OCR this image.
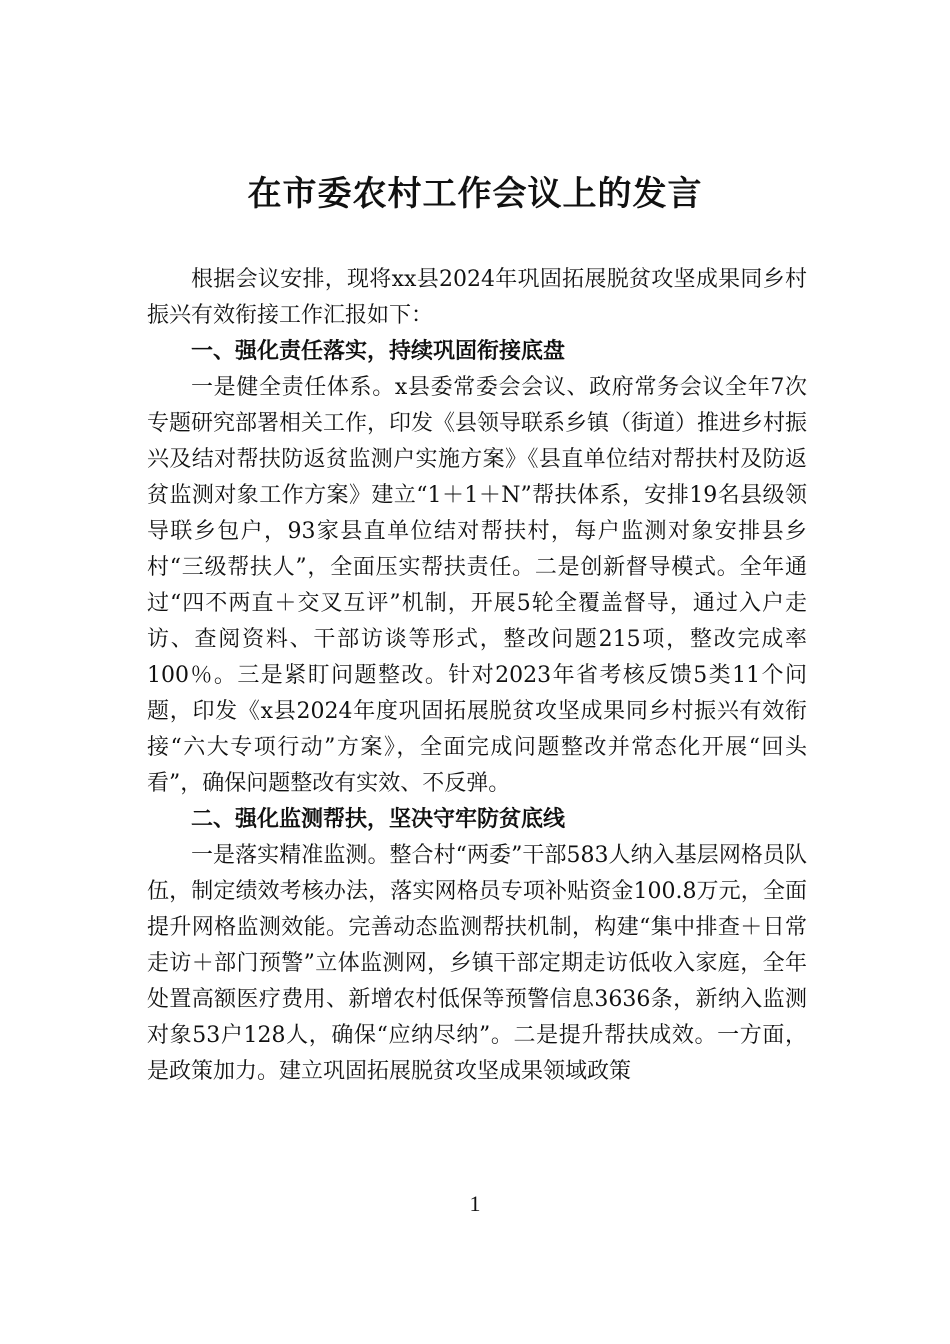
在市委农村工作会议上的发言

根据会议安排，现将xx县2024年巩固拓展脱贫攻坚成果同乡村振兴有效衔接工作汇报如下：

一、强化责任落实，持续巩固衔接底盘

一是健全责任体系。x县委常委会会议、政府常务会议全年7次专题研究部署相关工作，印发《县领导联系乡镇（街道）推进乡村振兴及结对帮扶防返贫监测户实施方案》《县直单位结对帮扶村及防返贫监测对象工作方案》建立“1＋1＋N”帮扶体系，安排19名县级领导联乡包户，93家县直单位结对帮扶村，每户监测对象安排县乡村“三级帮扶人”，全面压实帮扶责任。二是创新督导模式。全年通过“四不两直＋交叉互评”机制，开展5轮全覆盖督导，通过入户走访、查阅资料、干部访谈等形式，整改问题215项，整改完成率100％。三是紧盯问题整改。针对2023年省考核反馈5类11个问题，印发《x县2024年度巩固拓展脱贫攻坚成果同乡村振兴有效衔接“六大专项行动”方案》，全面完成问题整改并常态化开展“回头看”，确保问题整改有实效、不反弹。

二、强化监测帮扶，坚决守牢防贫底线

一是落实精准监测。整合村“两委”干部583人纳入基层网格员队伍，制定绩效考核办法，落实网格员专项补贴资金100.8万元，全面提升网格监测效能。完善动态监测帮扶机制，构建“集中排查＋日常走访＋部门预警”立体监测网，乡镇干部定期走访低收入家庭，全年处置高额医疗费用、新增农村低保等预警信息3636条，新纳入监测对象53户128人，确保“应纳尽纳”。二是提升帮扶成效。一方面，是政策加力。建立巩固拓展脱贫攻坚成果领域政策

1
